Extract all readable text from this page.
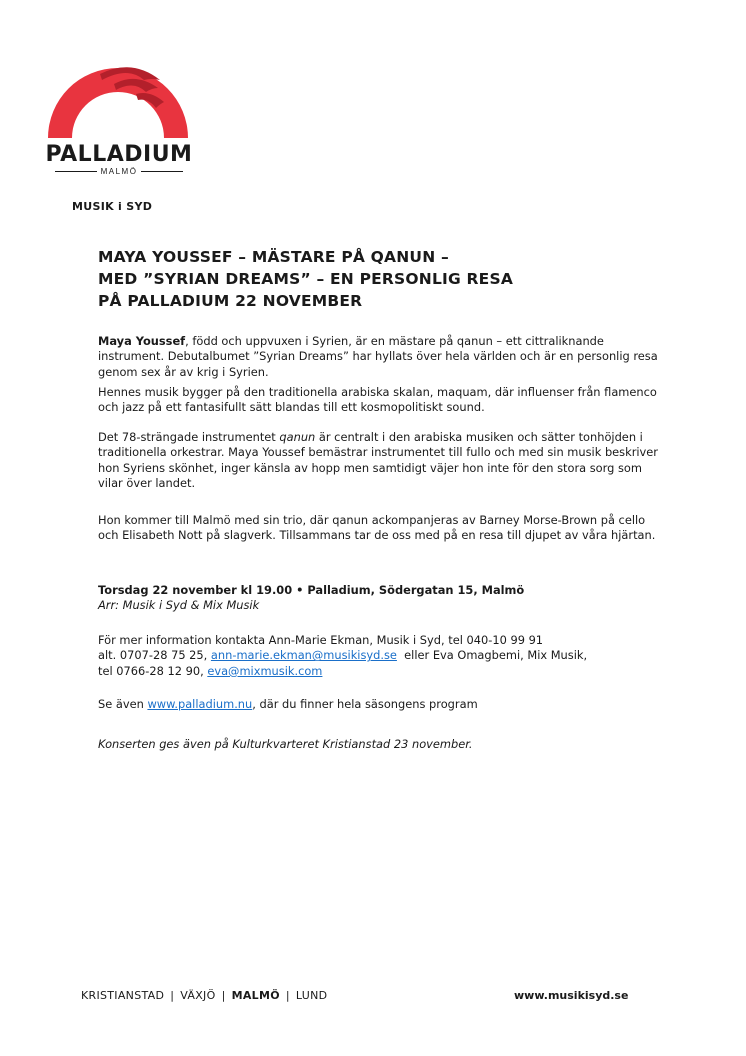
PALLADIUM
MALMÖ
MUSIK i SYD
MAYA YOUSSEF – MÄSTARE PÅ QANUN –
MED ”SYRIAN DREAMS” – EN PERSONLIG RESA
PÅ PALLADIUM 22 NOVEMBER

Maya Youssef, född och uppvuxen i Syrien, är en mästare på qanun – ett cittraliknande instrument. Debutalbumet ”Syrian Dreams” har hyllats över hela världen och är en personlig resa genom sex år av krig i Syrien.

Hennes musik bygger på den traditionella arabiska skalan, maquam, där influenser från flamenco och jazz på ett fantasifullt sätt blandas till ett kosmopolitiskt sound.

Det 78-strängade instrumentet qanun är centralt i den arabiska musiken och sätter tonhöjden i traditionella orkestrar. Maya Youssef bemästrar instrumentet till fullo och med sin musik beskriver hon Syriens skönhet, inger känsla av hopp men samtidigt väjer hon inte för den stora sorg som vilar över landet.

Hon kommer till Malmö med sin trio, där qanun ackompanjeras av Barney Morse-Brown på cello och Elisabeth Nott på slagverk. Tillsammans tar de oss med på en resa till djupet av våra hjärtan.

Torsdag 22 november kl 19.00 • Palladium, Södergatan 15, Malmö

Arr: Musik i Syd & Mix Musik

För mer information kontakta Ann-Marie Ekman, Musik i Syd, tel 040-10 99 91

alt. 0707-28 75 25, ann-marie.ekman@musikisyd.se  eller Eva Omagbemi, Mix Musik,

tel 0766-28 12 90, eva@mixmusik.com

Se även www.palladium.nu, där du finner hela säsongens program

Konserten ges även på Kulturkvarteret Kristianstad 23 november.

KRISTIANSTAD | VÄXJÖ | MALMÖ | LUND	www.musikisyd.se
